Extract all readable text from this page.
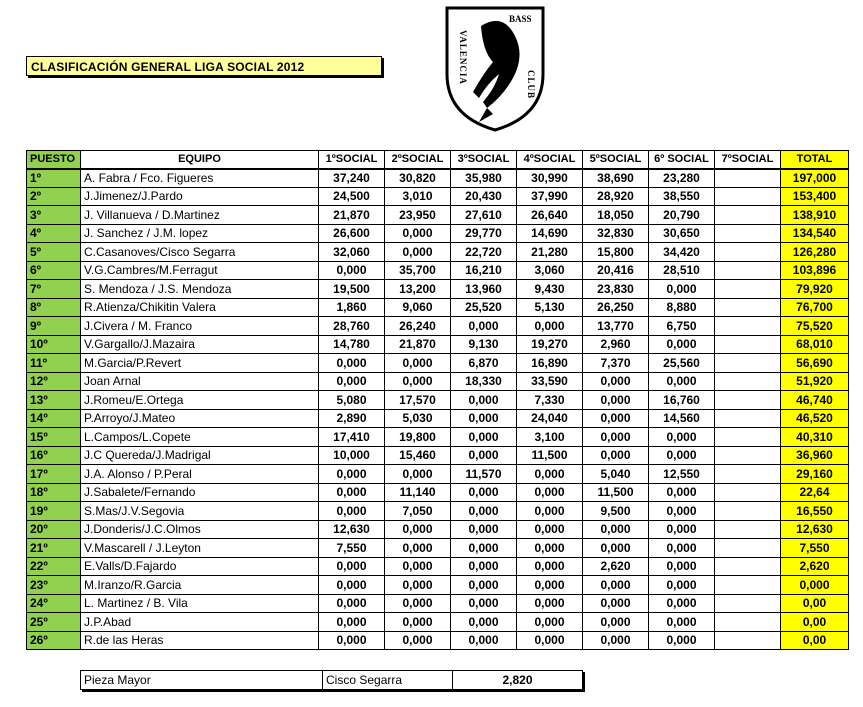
CLASIFICACIÓN GENERAL LIGA SOCIAL 2012
BASS
VALENCIA	CLUB
PUESTO	EQUIPO	1ºSOCIAL	2ºSOCIAL	3ºSOCIAL	4ºSOCIAL	5ºSOCIAL	6º SOCIAL	7ºSOCIAL	TOTAL
1º	A. Fabra / Fco. Figueres	37,240	30,820	35,980	30,990	38,690	23,280		197,000
2º	J.Jimenez/J.Pardo	24,500	3,010	20,430	37,990	28,920	38,550		153,400
3º	J. Villanueva / D.Martinez	21,870	23,950	27,610	26,640	18,050	20,790		138,910
4º	J. Sanchez / J.M. lopez	26,600	0,000	29,770	14,690	32,830	30,650		134,540
5º	C.Casanoves/Cisco Segarra	32,060	0,000	22,720	21,280	15,800	34,420		126,280
6º	V.G.Cambres/M.Ferragut	0,000	35,700	16,210	3,060	20,416	28,510		103,896
7º	S. Mendoza / J.S. Mendoza	19,500	13,200	13,960	9,430	23,830	0,000		79,920
8º	R.Atienza/Chikitin Valera	1,860	9,060	25,520	5,130	26,250	8,880		76,700
9º	J.Civera / M. Franco	28,760	26,240	0,000	0,000	13,770	6,750		75,520
10º	V.Gargallo/J.Mazaira	14,780	21,870	9,130	19,270	2,960	0,000		68,010
11º	M.Garcia/P.Revert	0,000	0,000	6,870	16,890	7,370	25,560		56,690
12º	Joan Arnal	0,000	0,000	18,330	33,590	0,000	0,000		51,920
13º	J.Romeu/E.Ortega	5,080	17,570	0,000	7,330	0,000	16,760		46,740
14º	P.Arroyo/J.Mateo	2,890	5,030	0,000	24,040	0,000	14,560		46,520
15º	L.Campos/L.Copete	17,410	19,800	0,000	3,100	0,000	0,000		40,310
16º	J.C Quereda/J.Madrigal	10,000	15,460	0,000	11,500	0,000	0,000		36,960
17º	J.A. Alonso / P.Peral	0,000	0,000	11,570	0,000	5,040	12,550		29,160
18º	J.Sabalete/Fernando	0,000	11,140	0,000	0,000	11,500	0,000		22,64
19º	S.Mas/J.V.Segovia	0,000	7,050	0,000	0,000	9,500	0,000		16,550
20º	J.Donderis/J.C.Olmos	12,630	0,000	0,000	0,000	0,000	0,000		12,630
21º	V.Mascarell / J.Leyton	7,550	0,000	0,000	0,000	0,000	0,000		7,550
22º	E.Valls/D.Fajardo	0,000	0,000	0,000	0,000	2,620	0,000		2,620
23º	M.Iranzo/R.Garcia	0,000	0,000	0,000	0,000	0,000	0,000		0,000
24º	L. Martinez / B. Vila	0,000	0,000	0,000	0,000	0,000	0,000		0,00
25º	J.P.Abad	0,000	0,000	0,000	0,000	0,000	0,000		0,00
26º	R.de las Heras	0,000	0,000	0,000	0,000	0,000	0,000		0,00
Pieza Mayor	Cisco Segarra	2,820
